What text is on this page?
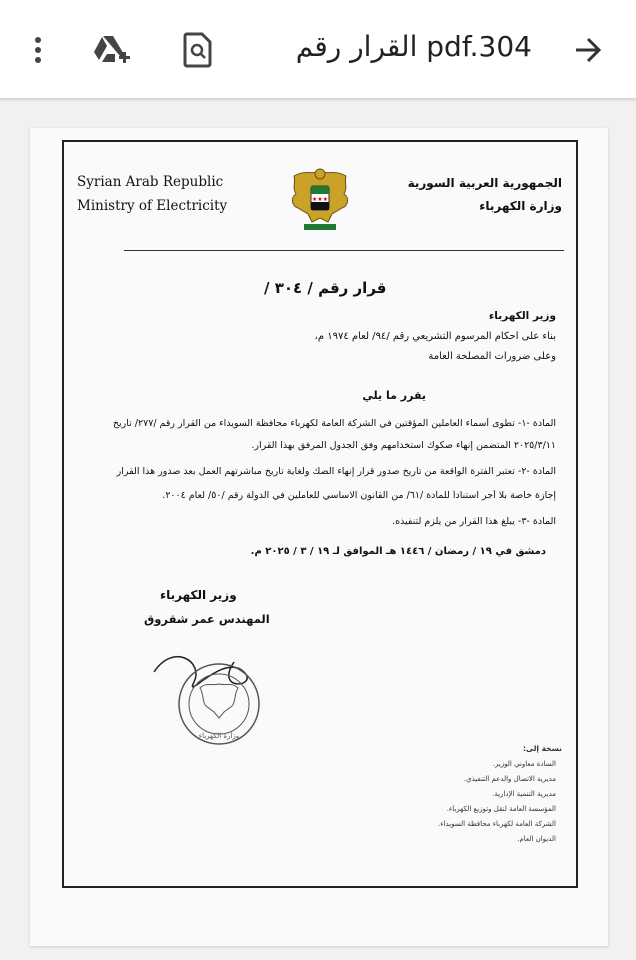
القرار رقم pdf.304
Syrian Arab Republic
Ministry of Electricity	★★★
الجمهورية العربية السورية
وزارة الكهرباء
قرار رقم / ٣٠٤ /
وزير الكهرباء
بناء على أحكام المرسوم التشريعي رقم /٩٤/ لعام ١٩٧٤ م،
وعلى ضرورات المصلحة العامة
يقرر ما يلي
المادة -١- تطوى أسماء العاملين المؤقتين في الشركة العامة لكهرباء محافظة السويداء من القرار رقم /٢٧٧/ تاريخ
٢٠٢٥/٣/١١ المتضمن إنهاء صكوك استخدامهم وفق الجدول المرفق بهذا القرار.
المادة -٢- تعتبر الفترة الواقعة من تاريخ صدور قرار إنهاء الصك ولغاية تاريخ مباشرتهم العمل بعد صدور هذا القرار
إجازة خاصة بلا أجر استناداً للمادة /٦١/ من القانون الاساسي للعاملين في الدولة رقم /٥٠/ لعام ٢٠٠٤.
المادة -٣- يبلغ هذا القرار من يلزم لتنفيذه.
دمشق في ١٩ / رمضان / ١٤٤٦ هـ الموافق لـ ١٩ / ٣ / ٢٠٢٥ م.
وزير الكهرباء
المهندس عمر شقروق
وزارة الكهرباء
نسخة إلى:
السادة معاوني الوزير.
مديرية الاتصال والدعم التنفيذي.
مديرية التنمية الإدارية.
المؤسسة العامة لنقل وتوزيع الكهرباء.
الشركة العامة لكهرباء محافظة السويداء.
الديوان العام.
